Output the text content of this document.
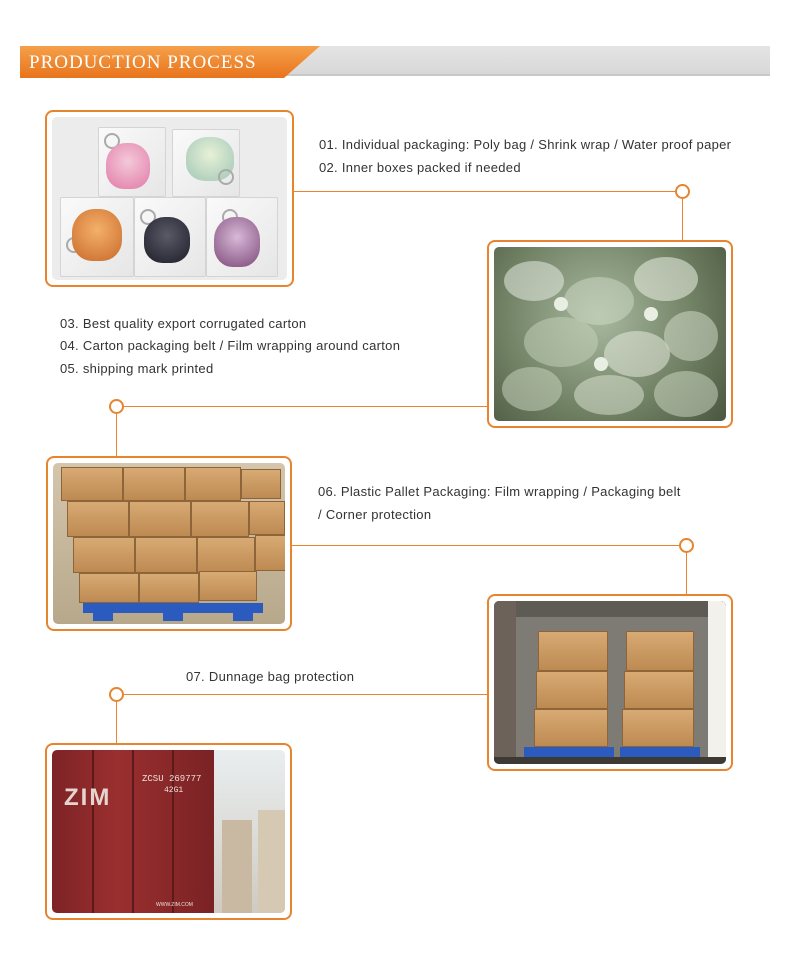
PRODUCTION PROCESS
01. Individual packaging: Poly bag / Shrink wrap / Water proof paper
02. Inner boxes packed if needed
03. Best quality export corrugated carton
04. Carton packaging belt / Film wrapping around carton
05. shipping mark printed
06. Plastic Pallet Packaging: Film wrapping / Packaging belt
/ Corner protection
07. Dunnage bag protection
ZIM
ZCSU 269777
42G1
WWW.ZIM.COM
